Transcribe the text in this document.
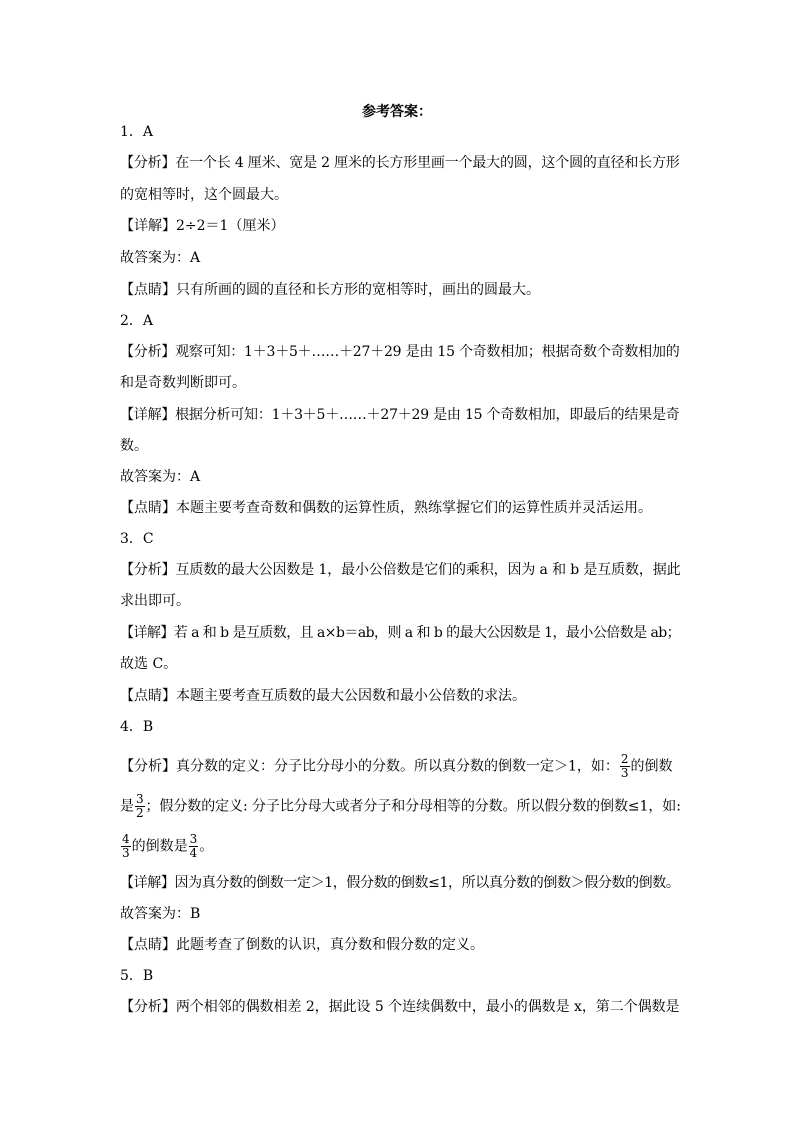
参考答案：
1．A
【分析】在一个长 4 厘米、宽是 2 厘米的长方形里画一个最大的圆，这个圆的直径和长方形
的宽相等时，这个圆最大。
【详解】2÷2＝1（厘米）
故答案为：A
【点睛】只有所画的圆的直径和长方形的宽相等时，画出的圆最大。
2．A
【分析】观察可知：1＋3＋5＋……＋27＋29 是由 15 个奇数相加；根据奇数个奇数相加的
和是奇数判断即可。
【详解】根据分析可知：1＋3＋5＋……＋27＋29 是由 15 个奇数相加，即最后的结果是奇
数。
故答案为：A
【点睛】本题主要考查奇数和偶数的运算性质，熟练掌握它们的运算性质并灵活运用。
3．C
【分析】互质数的最大公因数是 1，最小公倍数是它们的乘积，因为 a 和 b 是互质数，据此
求出即可。
【详解】若 a 和 b 是互质数，且 a×b＝ab，则 a 和 b 的最大公因数是 1，最小公倍数是 ab；
故选 C。
【点睛】本题主要考查互质数的最大公因数和最小公倍数的求法。
4．B
【分析】真分数的定义：分子比分母小的分数。所以真分数的倒数一定＞1，如： $\frac{2}{3}$ 的倒数
是 $\frac{3}{2}$ ；假分数的定义: 分子比分母大或者分子和分母相等的分数。所以假分数的倒数≤1，如:
$\frac{4}{3}$ 的倒数是 $\frac{3}{4}$ 。
【详解】因为真分数的倒数一定＞1，假分数的倒数≤1，所以真分数的倒数＞假分数的倒数。
故答案为：B
【点睛】此题考查了倒数的认识，真分数和假分数的定义。
5．B
【分析】两个相邻的偶数相差 2，据此设 5 个连续偶数中，最小的偶数是 x，第二个偶数是
